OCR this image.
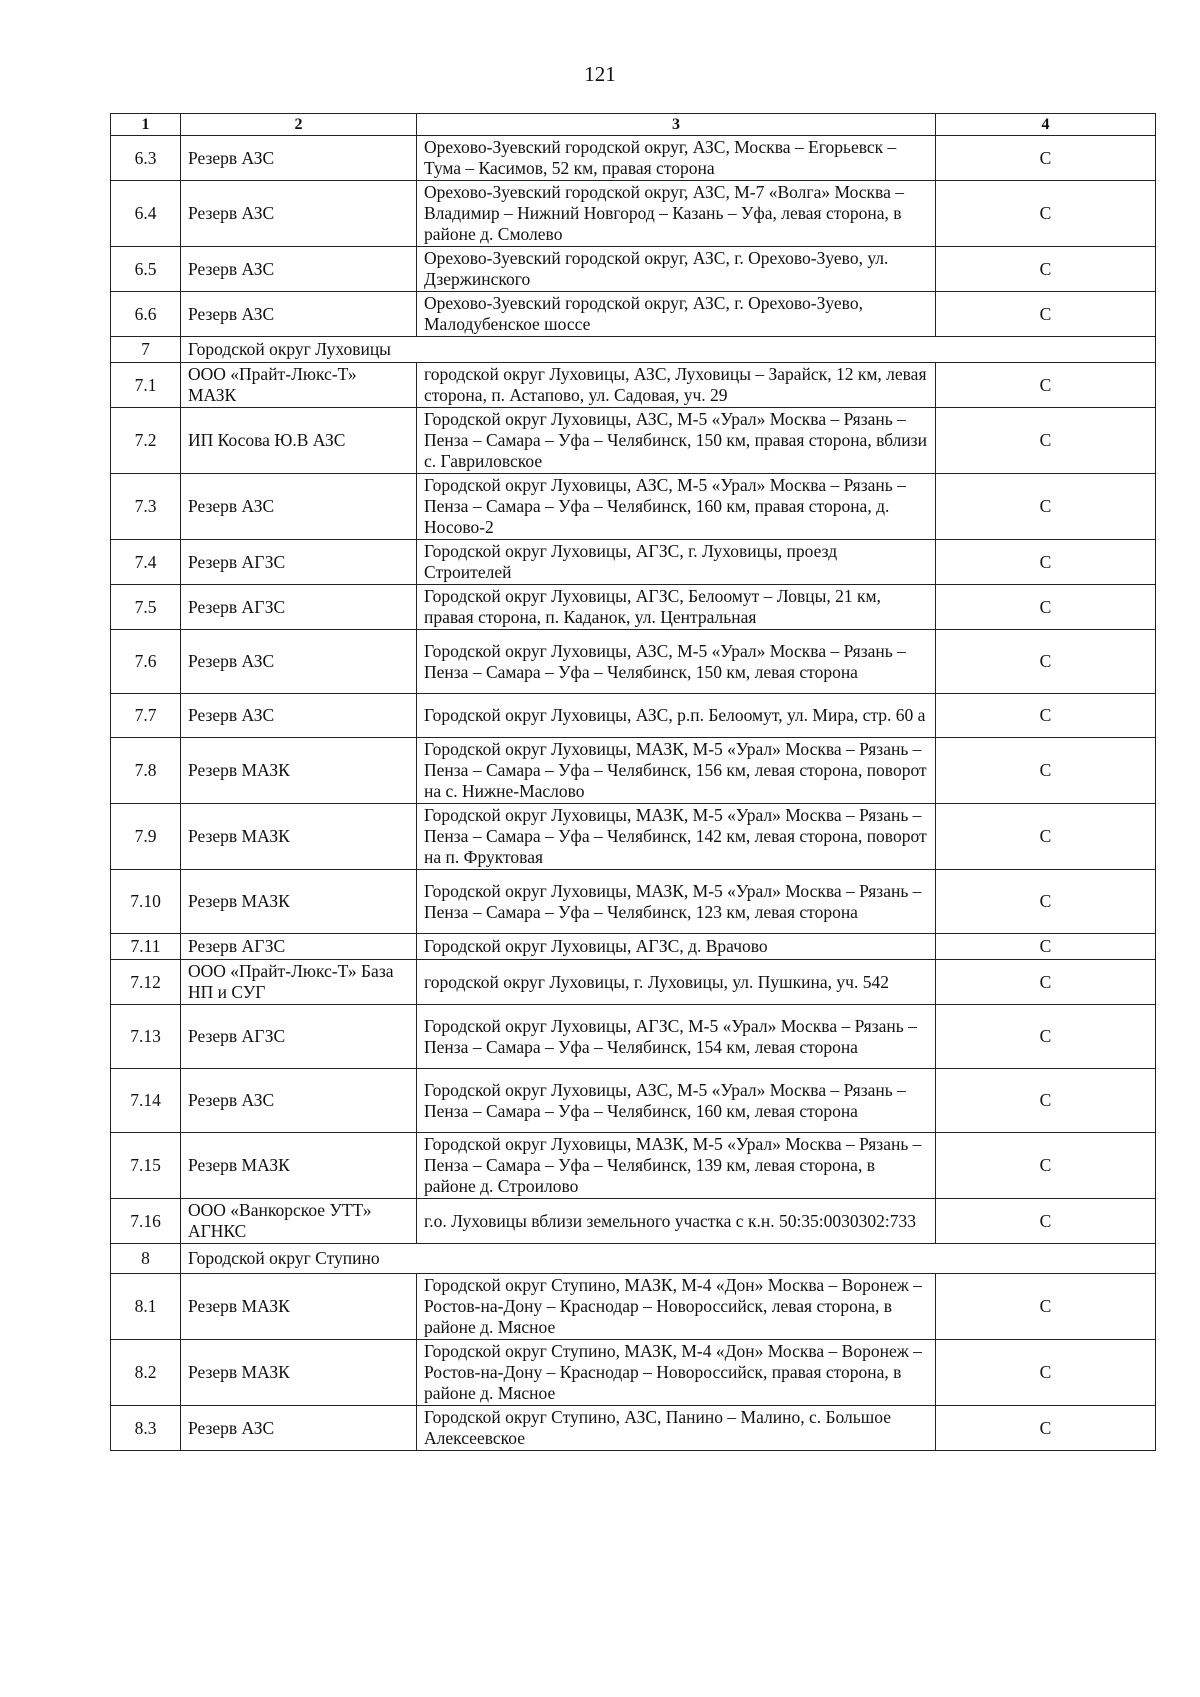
121
1	2	3	4
6.3	Резерв АЗС	Орехово-Зуевский городской округ, АЗС, Москва – Егорьевск – Тума – Касимов, 52 км, правая сторона	С
6.4	Резерв АЗС	Орехово-Зуевский городской округ, АЗС, М-7 «Волга» Москва – Владимир – Нижний Новгород – Казань – Уфа, левая сторона, в районе д. Смолево	С
6.5	Резерв АЗС	Орехово-Зуевский городской округ, АЗС, г. Орехово-Зуево, ул. Дзержинского	С
6.6	Резерв АЗС	Орехово-Зуевский городской округ, АЗС, г. Орехово-Зуево, Малодубенское шоссе	С
7	Городской округ Луховицы		
7.1	ООО «Прайт-Люкс-Т» МАЗК	городской округ Луховицы, АЗС, Луховицы – Зарайск, 12 км, левая сторона, п. Астапово, ул. Садовая, уч. 29	С
7.2	ИП Косова Ю.В АЗС	Городской округ Луховицы, АЗС, М-5 «Урал» Москва – Рязань – Пенза – Самара – Уфа – Челябинск, 150 км, правая сторона, вблизи с. Гавриловское	С
7.3	Резерв АЗС	Городской округ Луховицы, АЗС, М-5 «Урал» Москва – Рязань – Пенза – Самара – Уфа – Челябинск, 160 км, правая сторона, д. Носово-2	С
7.4	Резерв АГЗС	Городской округ Луховицы, АГЗС, г. Луховицы, проезд Строителей	С
7.5	Резерв АГЗС	Городской округ Луховицы, АГЗС, Белоомут – Ловцы, 21 км, правая сторона, п. Каданок, ул. Центральная	С
7.6	Резерв АЗС	Городской округ Луховицы, АЗС, М-5 «Урал» Москва – Рязань – Пенза – Самара – Уфа – Челябинск, 150 км, левая сторона	С
7.7	Резерв АЗС	Городской округ Луховицы, АЗС, р.п. Белоомут, ул. Мира, стр. 60 а	С
7.8	Резерв МАЗК	Городской округ Луховицы, МАЗК, М-5 «Урал» Москва – Рязань – Пенза – Самара – Уфа – Челябинск, 156 км, левая сторона, поворот на с. Нижне-Маслово	С
7.9	Резерв МАЗК	Городской округ Луховицы, МАЗК, М-5 «Урал» Москва – Рязань – Пенза – Самара – Уфа – Челябинск, 142 км, левая сторона, поворот на п. Фруктовая	С
7.10	Резерв МАЗК	Городской округ Луховицы, МАЗК, М-5 «Урал» Москва – Рязань – Пенза – Самара – Уфа – Челябинск, 123 км, левая сторона	С
7.11	Резерв АГЗС	Городской округ Луховицы, АГЗС, д. Врачово	С
7.12	ООО «Прайт-Люкс-Т» База НП и СУГ	городской округ Луховицы, г. Луховицы, ул. Пушкина, уч. 542	С
7.13	Резерв АГЗС	Городской округ Луховицы, АГЗС, М-5 «Урал» Москва – Рязань – Пенза – Самара – Уфа – Челябинск, 154 км, левая сторона	С
7.14	Резерв АЗС	Городской округ Луховицы, АЗС, М-5 «Урал» Москва – Рязань – Пенза – Самара – Уфа – Челябинск, 160 км, левая сторона	С
7.15	Резерв МАЗК	Городской округ Луховицы, МАЗК, М-5 «Урал» Москва – Рязань – Пенза – Самара – Уфа – Челябинск, 139 км, левая сторона, в районе д. Строилово	С
7.16	ООО «Ванкорское УТТ» АГНКС	г.о. Луховицы вблизи земельного участка с к.н. 50:35:0030302:733	С
8	Городской округ Ступино		
8.1	Резерв МАЗК	Городской округ Ступино, МАЗК, М-4 «Дон» Москва – Воронеж – Ростов-на-Дону – Краснодар – Новороссийск, левая сторона, в районе д. Мясное	С
8.2	Резерв МАЗК	Городской округ Ступино, МАЗК, М-4 «Дон» Москва – Воронеж – Ростов-на-Дону – Краснодар – Новороссийск, правая сторона, в районе д. Мясное	С
8.3	Резерв АЗС	Городской округ Ступино, АЗС, Панино – Малино, с. Большое Алексеевское	С
